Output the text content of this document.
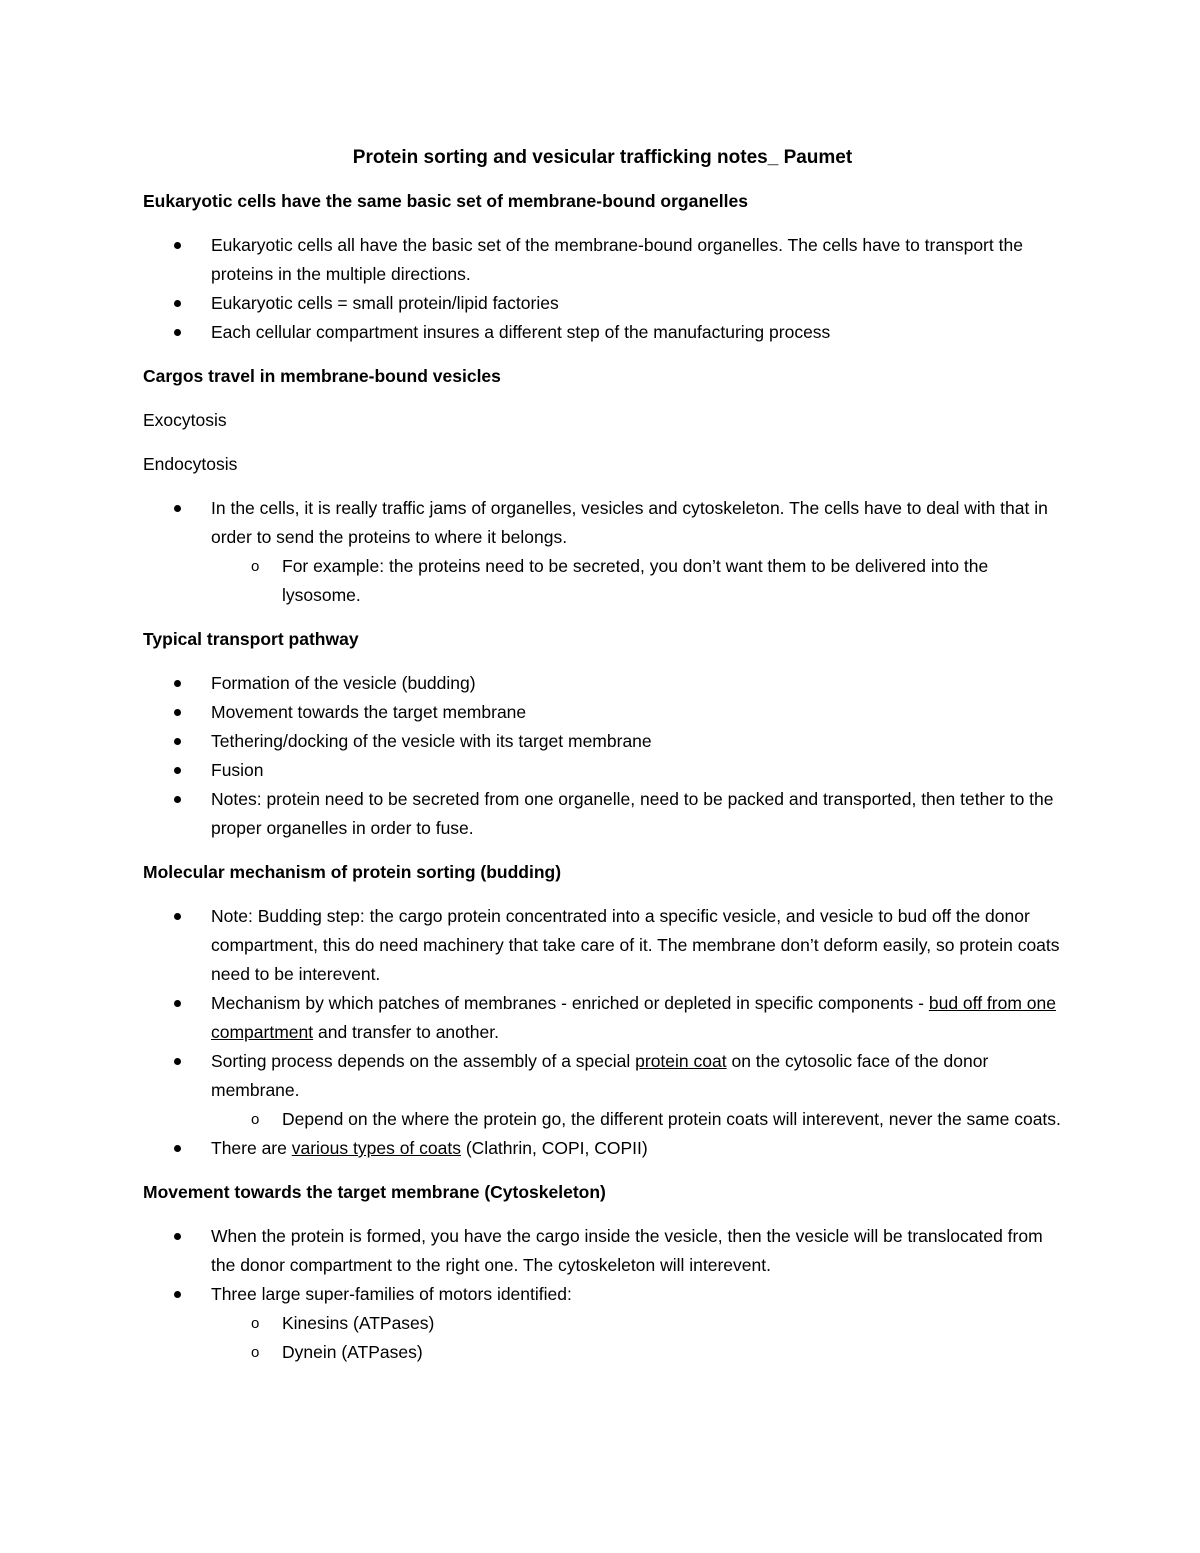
Protein sorting and vesicular trafficking notes_ Paumet
Eukaryotic cells have the same basic set of membrane-bound organelles
Eukaryotic cells all have the basic set of the membrane-bound organelles. The cells have to transport the proteins in the multiple directions.
Eukaryotic cells = small protein/lipid factories
Each cellular compartment insures a different step of the manufacturing process
Cargos travel in membrane-bound vesicles
Exocytosis
Endocytosis
In the cells, it is really traffic jams of organelles, vesicles and cytoskeleton. The cells have to deal with that in order to send the proteins to where it belongs.
o For example: the proteins need to be secreted, you don’t want them to be delivered into the lysosome.
Typical transport pathway
Formation of the vesicle (budding)
Movement towards the target membrane
Tethering/docking of the vesicle with its target membrane
Fusion
Notes: protein need to be secreted from one organelle, need to be packed and transported, then tether to the proper organelles in order to fuse.
Molecular mechanism of protein sorting (budding)
Note: Budding step: the cargo protein concentrated into a specific vesicle, and vesicle to bud off the donor compartment, this do need machinery that take care of it. The membrane don’t deform easily, so protein coats need to be interevent.
Mechanism by which patches of membranes - enriched or depleted in specific components - bud off from one compartment and transfer to another.
Sorting process depends on the assembly of a special protein coat on the cytosolic face of the donor membrane.
o Depend on the where the protein go, the different protein coats will interevent, never the same coats.
There are various types of coats (Clathrin, COPI, COPII)
Movement towards the target membrane (Cytoskeleton)
When the protein is formed, you have the cargo inside the vesicle, then the vesicle will be translocated from the donor compartment to the right one. The cytoskeleton will interevent.
Three large super-families of motors identified:
o Kinesins (ATPases)
o Dynein (ATPases)
